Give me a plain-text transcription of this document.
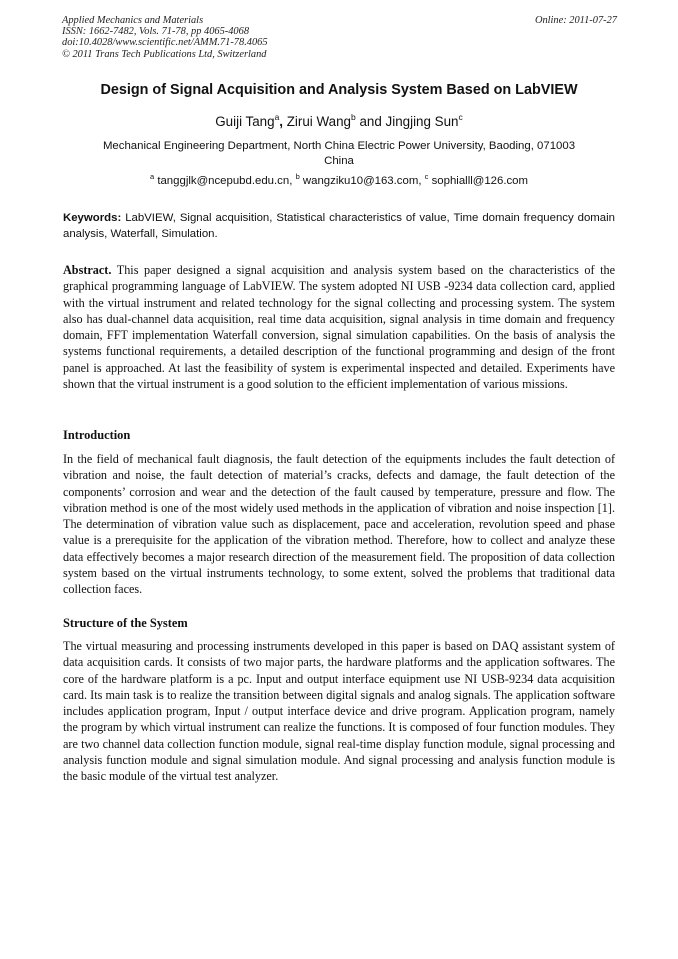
Applied Mechanics and Materials
ISSN: 1662-7482, Vols. 71-78, pp 4065-4068
doi:10.4028/www.scientific.net/AMM.71-78.4065
© 2011 Trans Tech Publications Ltd, Switzerland
Online: 2011-07-27
Design of Signal Acquisition and Analysis System Based on LabVIEW
Guiji Tang$^a$, Zirui Wang$^b$ and Jingjing Sun$^c$
Mechanical Engineering Department, North China Electric Power University, Baoding, 071003
China
$^a$ tanggjlk@ncepubd.edu.cn, $^b$ wangziku10@163.com, $^c$ sophialll@126.com
Keywords: LabVIEW, Signal acquisition, Statistical characteristics of value, Time domain frequency domain analysis, Waterfall, Simulation.
Abstract. This paper designed a signal acquisition and analysis system based on the characteristics of the graphical programming language of LabVIEW. The system adopted NI USB -9234 data collection card, applied with the virtual instrument and related technology for the signal collecting and processing system. The system also has dual-channel data acquisition, real time data acquisition, signal analysis in time domain and frequency domain, FFT implementation Waterfall conversion, signal simulation capabilities. On the basis of analysis the systems functional requirements, a detailed description of the functional programming and design of the front panel is approached. At last the feasibility of system is experimental inspected and detailed. Experiments have shown that the virtual instrument is a good solution to the efficient implementation of various missions.
Introduction
In the field of mechanical fault diagnosis, the fault detection of the equipments includes the fault detection of vibration and noise, the fault detection of material’s cracks, defects and damage, the fault detection of the components’ corrosion and wear and the detection of the fault caused by temperature, pressure and flow. The vibration method is one of the most widely used methods in the application of vibration and noise inspection [1]. The determination of vibration value such as displacement, pace and acceleration, revolution speed and phase value is a prerequisite for the application of the vibration method. Therefore, how to collect and analyze these data effectively becomes a major research direction of the measurement field. The proposition of data collection system based on the virtual instruments technology, to some extent, solved the problems that traditional data collection faces.
Structure of the System
The virtual measuring and processing instruments developed in this paper is based on DAQ assistant system of data acquisition cards. It consists of two major parts, the hardware platforms and the application softwares. The core of the hardware platform is a pc. Input and output interface equipment use NI USB-9234 data acquisition card. Its main task is to realize the transition between digital signals and analog signals. The application software includes application program, Input / output interface device and drive program. Application program, namely the program by which virtual instrument can realize the functions. It is composed of four function modules. They are two channel data collection function module, signal real-time display function module, signal processing and analysis function module and signal simulation module. And signal processing and analysis function module is the basic module of the virtual test analyzer.
